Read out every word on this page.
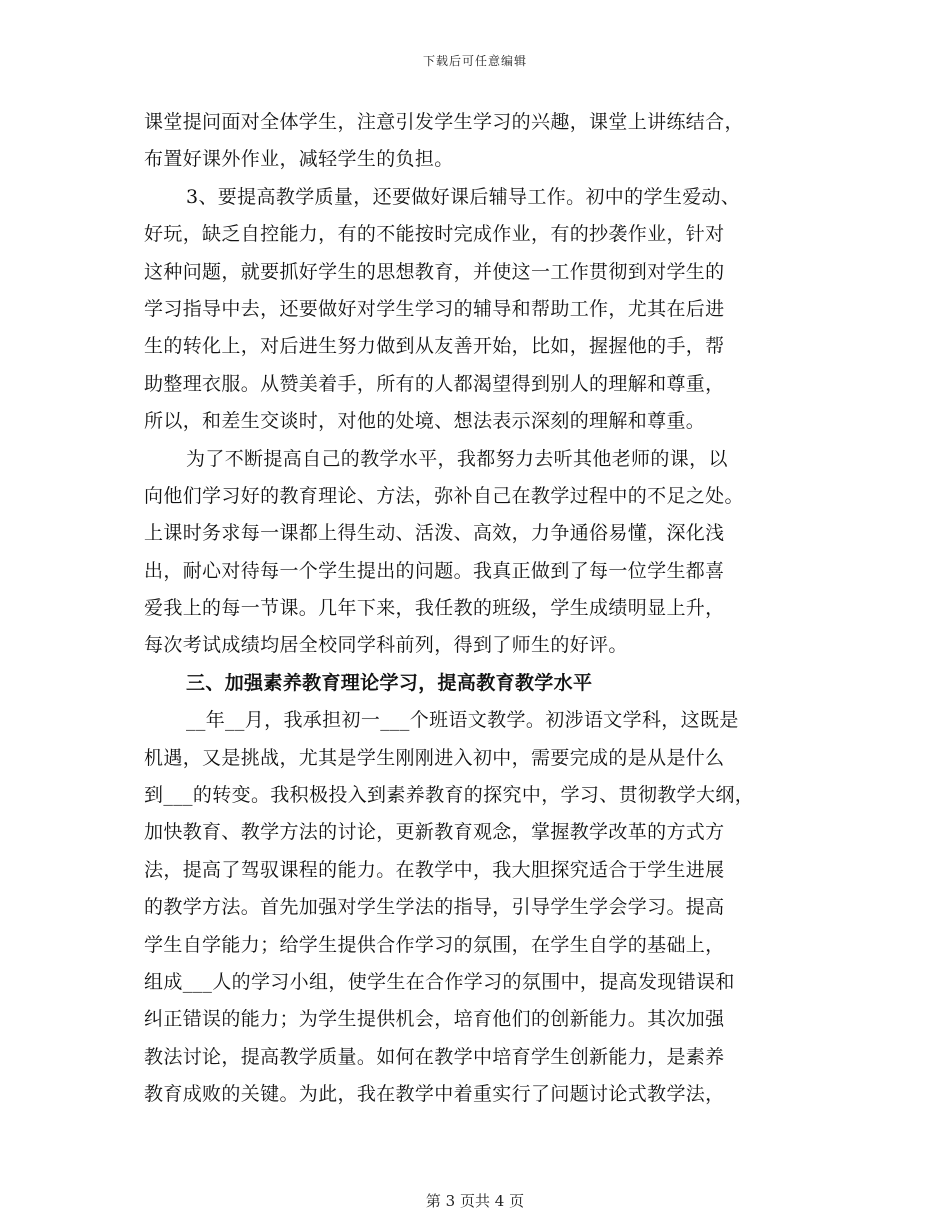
下载后可任意编辑
课堂提问面对全体学生，注意引发学生学习的兴趣，课堂上讲练结合，
布置好课外作业，减轻学生的负担。
3、要提高教学质量，还要做好课后辅导工作。初中的学生爱动、
好玩，缺乏自控能力，有的不能按时完成作业，有的抄袭作业，针对
这种问题，就要抓好学生的思想教育，并使这一工作贯彻到对学生的
学习指导中去，还要做好对学生学习的辅导和帮助工作，尤其在后进
生的转化上，对后进生努力做到从友善开始，比如，握握他的手，帮
助整理衣服。从赞美着手，所有的人都渴望得到别人的理解和尊重，
所以，和差生交谈时，对他的处境、想法表示深刻的理解和尊重。
为了不断提高自己的教学水平，我都努力去听其他老师的课，以
向他们学习好的教育理论、方法，弥补自己在教学过程中的不足之处。
上课时务求每一课都上得生动、活泼、高效，力争通俗易懂，深化浅
出，耐心对待每一个学生提出的问题。我真正做到了每一位学生都喜
爱我上的每一节课。几年下来，我任教的班级，学生成绩明显上升，
每次考试成绩均居全校同学科前列，得到了师生的好评。
三、加强素养教育理论学习，提高教育教学水平
__年__月，我承担初一___个班语文教学。初涉语文学科，这既是
机遇，又是挑战，尤其是学生刚刚进入初中，需要完成的是从是什么
到___的转变。我积极投入到素养教育的探究中，学习、贯彻教学大纲，
加快教育、教学方法的讨论，更新教育观念，掌握教学改革的方式方
法，提高了驾驭课程的能力。在教学中，我大胆探究适合于学生进展
的教学方法。首先加强对学生学法的指导，引导学生学会学习。提高
学生自学能力；给学生提供合作学习的氛围，在学生自学的基础上，
组成___人的学习小组，使学生在合作学习的氛围中，提高发现错误和
纠正错误的能力；为学生提供机会，培育他们的创新能力。其次加强
教法讨论，提高教学质量。如何在教学中培育学生创新能力，是素养
教育成败的关键。为此，我在教学中着重实行了问题讨论式教学法，
第 3 页共 4 页
